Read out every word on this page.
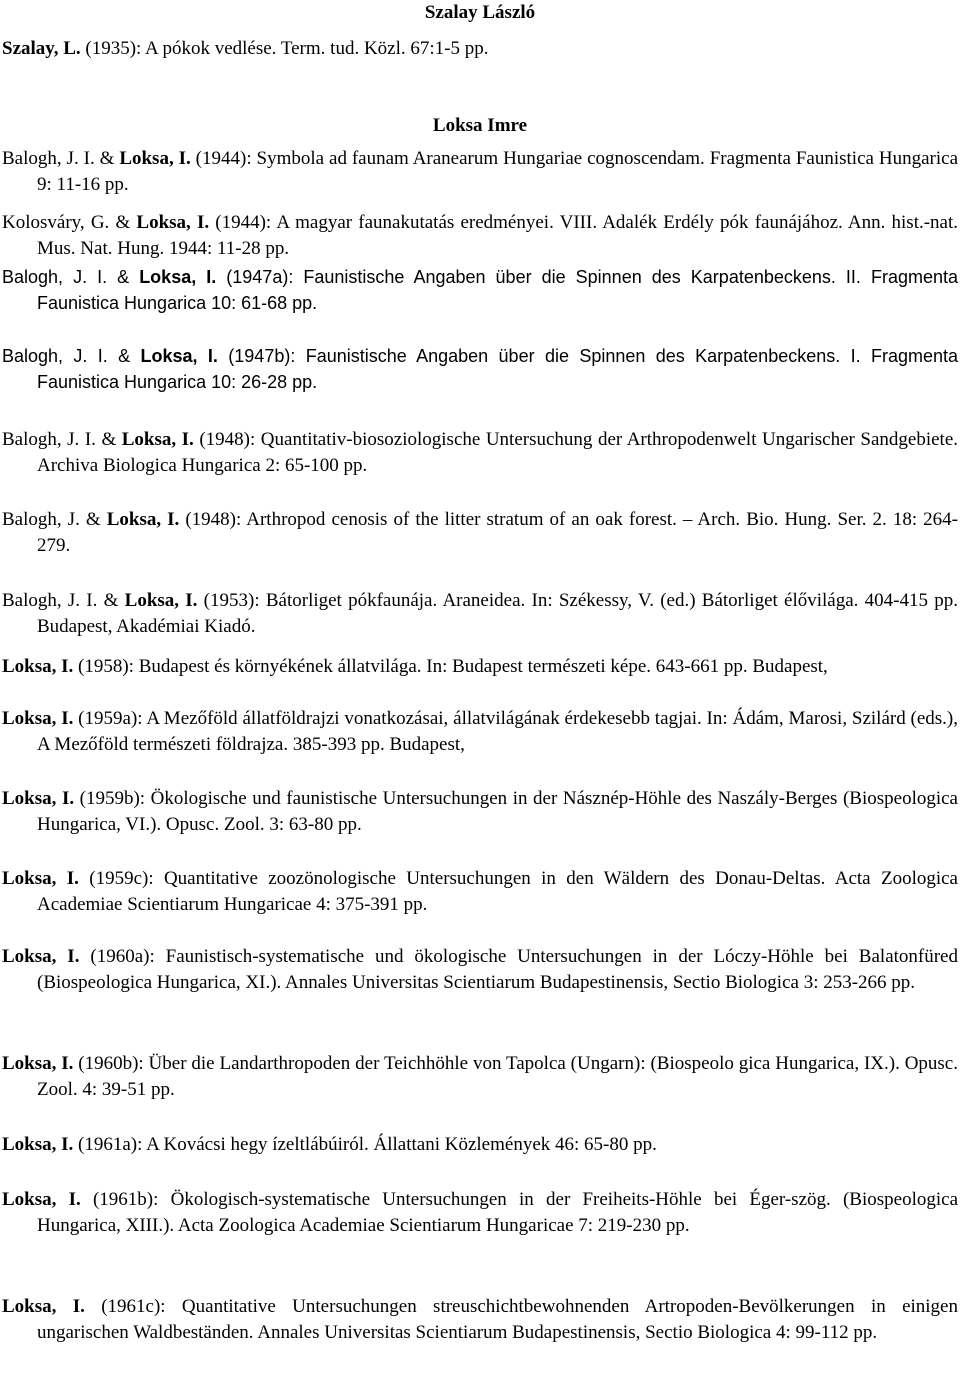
Szalay László
Szalay, L. (1935): A pókok vedlése. Term. tud. Közl. 67:1-5 pp.
Loksa Imre
Balogh, J. I. & Loksa, I. (1944): Symbola ad faunam Aranearum Hungariae cognoscendam. Fragmenta Faunistica Hungarica 9: 11-16 pp.
Kolosváry, G. & Loksa, I. (1944): A magyar faunakutatás eredményei. VIII. Adalék Erdély pók faunájához. Ann. hist.-nat. Mus. Nat. Hung. 1944: 11-28 pp.
Balogh, J. I. & Loksa, I. (1947a): Faunistische Angaben über die Spinnen des Karpatenbeckens. II. Fragmenta Faunistica Hungarica 10: 61-68 pp.
Balogh, J. I. & Loksa, I. (1947b): Faunistische Angaben über die Spinnen des Karpatenbeckens. I. Fragmenta Faunistica Hungarica 10: 26-28 pp.
Balogh, J. I. & Loksa, I. (1948): Quantitativ-biosoziologische Untersuchung der Arthropodenwelt Ungarischer Sandgebiete. Archiva Biologica Hungarica 2: 65-100 pp.
Balogh, J. & Loksa, I. (1948): Arthropod cenosis of the litter stratum of an oak forest. – Arch. Bio. Hung. Ser. 2. 18: 264-279.
Balogh, J. I. & Loksa, I. (1953): Bátorliget pókfaunája. Araneidea. In: Székessy, V. (ed.) Bátorliget élővilága. 404-415 pp. Budapest, Akadémiai Kiadó.
Loksa, I. (1958): Budapest és környékének állatvilága. In: Budapest természeti képe. 643-661 pp. Budapest,
Loksa, I. (1959a): A Mezőföld állatföldrajzi vonatkozásai, állatvilágának érdekesebb tagjai. In: Ádám, Marosi, Szilárd (eds.), A Mezőföld természeti földrajza. 385-393 pp. Budapest,
Loksa, I. (1959b): Ökologische und faunistische Untersuchungen in der Násznép-Höhle des Naszály-Berges (Biospeologica Hungarica, VI.). Opusc. Zool. 3: 63-80 pp.
Loksa, I. (1959c): Quantitative zoozönologische Untersuchungen in den Wäldern des Donau-Deltas. Acta Zoologica Academiae Scientiarum Hungaricae 4: 375-391 pp.
Loksa, I. (1960a): Faunistisch-systematische und ökologische Untersuchungen in der Lóczy-Höhle bei Balatonfüred (Biospeologica Hungarica, XI.). Annales Universitas Scientiarum Budapestinensis, Sectio Biologica 3: 253-266 pp.
Loksa, I. (1960b): Über die Landarthropoden der Teichhöhle von Tapolca (Ungarn): (Biospeolo gica Hungarica, IX.). Opusc. Zool. 4: 39-51 pp.
Loksa, I. (1961a): A Kovácsi hegy ízeltlábúiról. Állattani Közlemények 46: 65-80 pp.
Loksa, I. (1961b): Ökologisch-systematische Untersuchungen in der Freiheits-Höhle bei Éger-szög. (Biospeologica Hungarica, XIII.). Acta Zoologica Academiae Scientiarum Hungaricae 7: 219-230 pp.
Loksa, I. (1961c): Quantitative Untersuchungen streuschichtbewohnenden Artropoden-Bevölkerungen in einigen ungarischen Waldbeständen. Annales Universitas Scientiarum Budapestinensis, Sectio Biologica 4: 99-112 pp.
